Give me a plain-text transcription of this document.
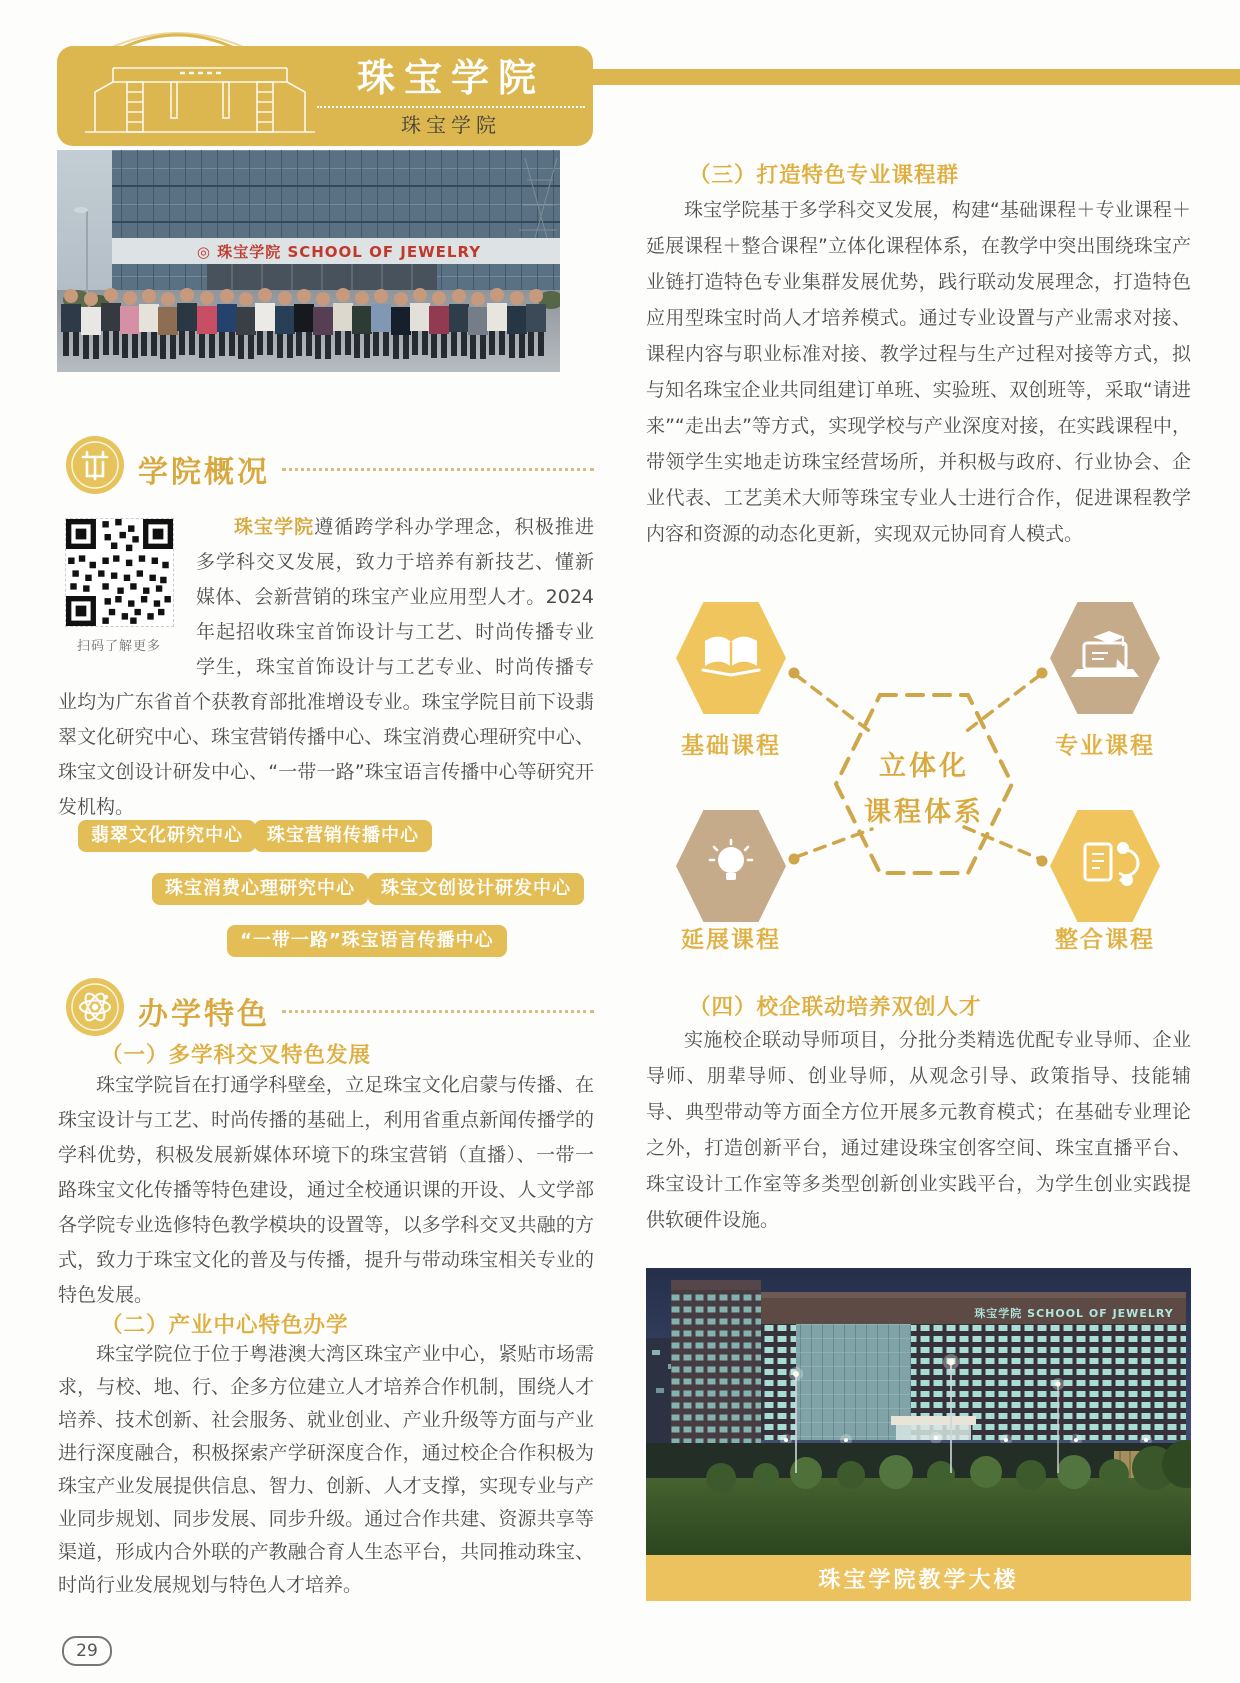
珠宝学院
珠宝学院
◎ 珠宝学院 SCHOOL OF JEWELRY
学院概况
扫码了解更多
珠宝学院遵循跨学科办学理念，积极推进多学科交叉发展，致力于培养有新技艺、懂新媒体、会新营销的珠宝产业应用型人才。2024年起招收珠宝首饰设计与工艺、时尚传播专业学生，珠宝首饰设计与工艺专业、时尚传播专业均为广东省首个获教育部批准增设专业。珠宝学院目前下设翡翠文化研究中心、珠宝营销传播中心、珠宝消费心理研究中心、珠宝文创设计研发中心、“一带一路”珠宝语言传播中心等研究开发机构。
翡翠文化研究中心	珠宝营销传播中心
珠宝消费心理研究中心	珠宝文创设计研发中心
“一带一路”珠宝语言传播中心
办学特色
（一）多学科交叉特色发展
珠宝学院旨在打通学科壁垒，立足珠宝文化启蒙与传播、在珠宝设计与工艺、时尚传播的基础上，利用省重点新闻传播学的学科优势，积极发展新媒体环境下的珠宝营销（直播）、一带一路珠宝文化传播等特色建设，通过全校通识课的开设、人文学部各学院专业选修特色教学模块的设置等，以多学科交叉共融的方式，致力于珠宝文化的普及与传播，提升与带动珠宝相关专业的特色发展。
（二）产业中心特色办学
珠宝学院位于位于粤港澳大湾区珠宝产业中心，紧贴市场需求，与校、地、行、企多方位建立人才培养合作机制，围绕人才培养、技术创新、社会服务、就业创业、产业升级等方面与产业进行深度融合，积极探索产学研深度合作，通过校企合作积极为珠宝产业发展提供信息、智力、创新、人才支撑，实现专业与产业同步规划、同步发展、同步升级。通过合作共建、资源共享等渠道，形成内合外联的产教融合育人生态平台，共同推动珠宝、时尚行业发展规划与特色人才培养。
（三）打造特色专业课程群
珠宝学院基于多学科交叉发展，构建“基础课程＋专业课程＋延展课程＋整合课程”立体化课程体系，在教学中突出围绕珠宝产业链打造特色专业集群发展优势，践行联动发展理念，打造特色应用型珠宝时尚人才培养模式。通过专业设置与产业需求对接、课程内容与职业标准对接、教学过程与生产过程对接等方式，拟与知名珠宝企业共同组建订单班、实验班、双创班等，采取“请进来”“走出去”等方式，实现学校与产业深度对接，在实践课程中，带领学生实地走访珠宝经营场所，并积极与政府、行业协会、企业代表、工艺美术大师等珠宝专业人士进行合作，促进课程教学内容和资源的动态化更新，实现双元协同育人模式。
立体化
课程体系
基础课程	专业课程
延展课程	整合课程
（四）校企联动培养双创人才
实施校企联动导师项目，分批分类精选优配专业导师、企业导师、朋辈导师、创业导师，从观念引导、政策指导、技能辅导、典型带动等方面全方位开展多元教育模式；在基础专业理论之外，打造创新平台，通过建设珠宝创客空间、珠宝直播平台、珠宝设计工作室等多类型创新创业实践平台，为学生创业实践提供软硬件设施。
珠宝学院 SCHOOL OF JEWELRY
珠宝学院教学大楼
29
